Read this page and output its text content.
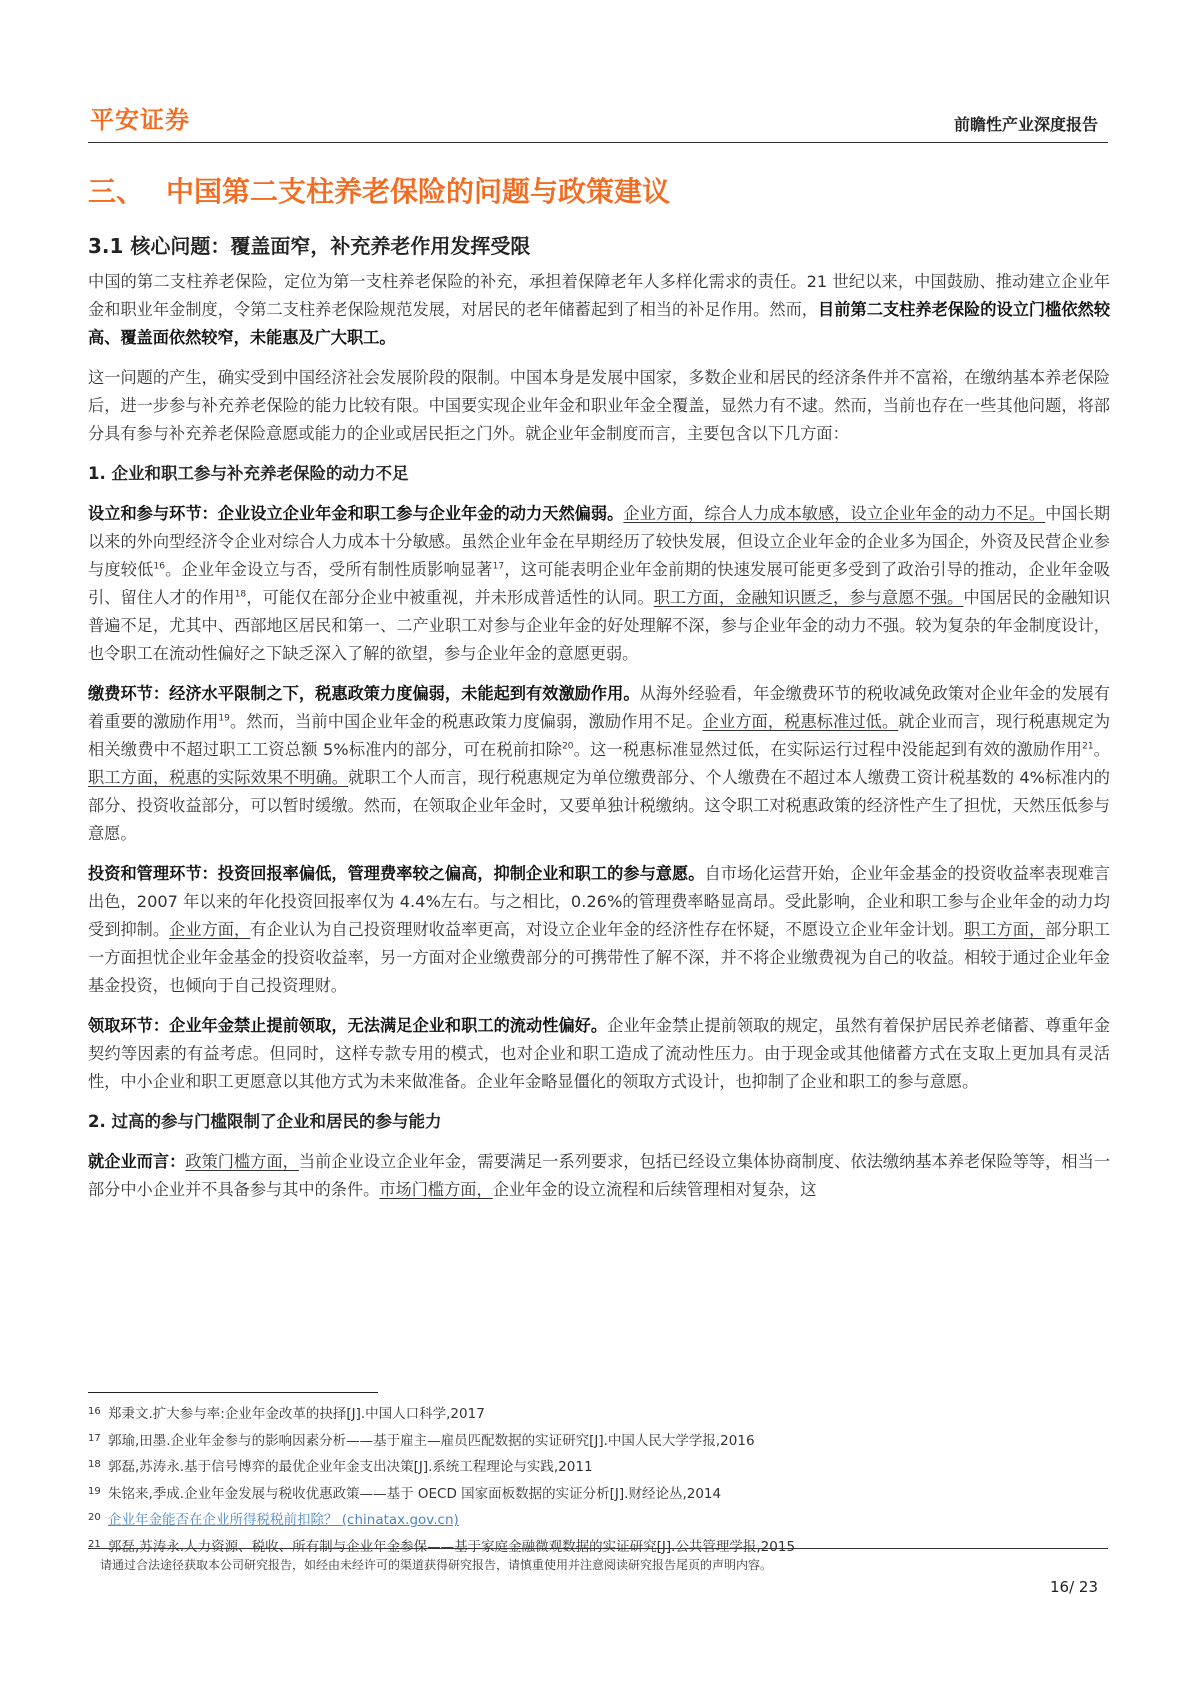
平安证券	前瞻性产业深度报告
三、 中国第二支柱养老保险的问题与政策建议
3.1 核心问题：覆盖面窄，补充养老作用发挥受限

中国的第二支柱养老保险，定位为第一支柱养老保险的补充，承担着保障老年人多样化需求的责任。21 世纪以来，中国鼓励、推动建立企业年金和职业年金制度，令第二支柱养老保险规范发展，对居民的老年储蓄起到了相当的补足作用。然而，目前第二支柱养老保险的设立门槛依然较高、覆盖面依然较窄，未能惠及广大职工。

这一问题的产生，确实受到中国经济社会发展阶段的限制。中国本身是发展中国家，多数企业和居民的经济条件并不富裕，在缴纳基本养老保险后，进一步参与补充养老保险的能力比较有限。中国要实现企业年金和职业年金全覆盖，显然力有不逮。然而，当前也存在一些其他问题，将部分具有参与补充养老保险意愿或能力的企业或居民拒之门外。就企业年金制度而言，主要包含以下几方面：

1. 企业和职工参与补充养老保险的动力不足

设立和参与环节：企业设立企业年金和职工参与企业年金的动力天然偏弱。企业方面，综合人力成本敏感，设立企业年金的动力不足。中国长期以来的外向型经济令企业对综合人力成本十分敏感。虽然企业年金在早期经历了较快发展，但设立企业年金的企业多为国企，外资及民营企业参与度较低$^{16}$。企业年金设立与否，受所有制性质影响显著$^{17}$，这可能表明企业年金前期的快速发展可能更多受到了政治引导的推动，企业年金吸引、留住人才的作用$^{18}$，可能仅在部分企业中被重视，并未形成普适性的认同。职工方面，金融知识匮乏，参与意愿不强。中国居民的金融知识普遍不足，尤其中、西部地区居民和第一、二产业职工对参与企业年金的好处理解不深，参与企业年金的动力不强。较为复杂的年金制度设计，也令职工在流动性偏好之下缺乏深入了解的欲望，参与企业年金的意愿更弱。

缴费环节：经济水平限制之下，税惠政策力度偏弱，未能起到有效激励作用。从海外经验看，年金缴费环节的税收减免政策对企业年金的发展有着重要的激励作用$^{19}$。然而，当前中国企业年金的税惠政策力度偏弱，激励作用不足。企业方面，税惠标准过低。就企业而言，现行税惠规定为相关缴费中不超过职工工资总额 5%标准内的部分，可在税前扣除$^{20}$。这一税惠标准显然过低，在实际运行过程中没能起到有效的激励作用$^{21}$。职工方面，税惠的实际效果不明确。就职工个人而言，现行税惠规定为单位缴费部分、个人缴费在不超过本人缴费工资计税基数的 4%标准内的部分、投资收益部分，可以暂时缓缴。然而，在领取企业年金时，又要单独计税缴纳。这令职工对税惠政策的经济性产生了担忧，天然压低参与意愿。

投资和管理环节：投资回报率偏低，管理费率较之偏高，抑制企业和职工的参与意愿。自市场化运营开始，企业年金基金的投资收益率表现难言出色，2007 年以来的年化投资回报率仅为 4.4%左右。与之相比，0.26%的管理费率略显高昂。受此影响，企业和职工参与企业年金的动力均受到抑制。企业方面，有企业认为自己投资理财收益率更高，对设立企业年金的经济性存在怀疑，不愿设立企业年金计划。职工方面，部分职工一方面担忧企业年金基金的投资收益率，另一方面对企业缴费部分的可携带性了解不深，并不将企业缴费视为自己的收益。相较于通过企业年金基金投资，也倾向于自己投资理财。

领取环节：企业年金禁止提前领取，无法满足企业和职工的流动性偏好。企业年金禁止提前领取的规定，虽然有着保护居民养老储蓄、尊重年金契约等因素的有益考虑。但同时，这样专款专用的模式，也对企业和职工造成了流动性压力。由于现金或其他储蓄方式在支取上更加具有灵活性，中小企业和职工更愿意以其他方式为未来做准备。企业年金略显僵化的领取方式设计，也抑制了企业和职工的参与意愿。

2. 过高的参与门槛限制了企业和居民的参与能力

就企业而言：政策门槛方面，当前企业设立企业年金，需要满足一系列要求，包括已经设立集体协商制度、依法缴纳基本养老保险等等，相当一部分中小企业并不具备参与其中的条件。市场门槛方面，企业年金的设立流程和后续管理相对复杂，这

16 郑秉文.扩大参与率:企业年金改革的抉择[J].中国人口科学,2017
17 郭瑜,田墨.企业年金参与的影响因素分析——基于雇主—雇员匹配数据的实证研究[J].中国人民大学学报,2016
18 郭磊,苏涛永.基于信号博弈的最优企业年金支出决策[J].系统工程理论与实践,2011
19 朱铭来,季成.企业年金发展与税收优惠政策——基于 OECD 国家面板数据的实证分析[J].财经论丛,2014
20 企业年金能否在企业所得税税前扣除？ (chinatax.gov.cn)
21 郭磊,苏涛永.人力资源、税收、所有制与企业年金参保——基于家庭金融微观数据的实证研究[J].公共管理学报,2015
请通过合法途径获取本公司研究报告，如经由未经许可的渠道获得研究报告，请慎重使用并注意阅读研究报告尾页的声明内容。
16/ 23
